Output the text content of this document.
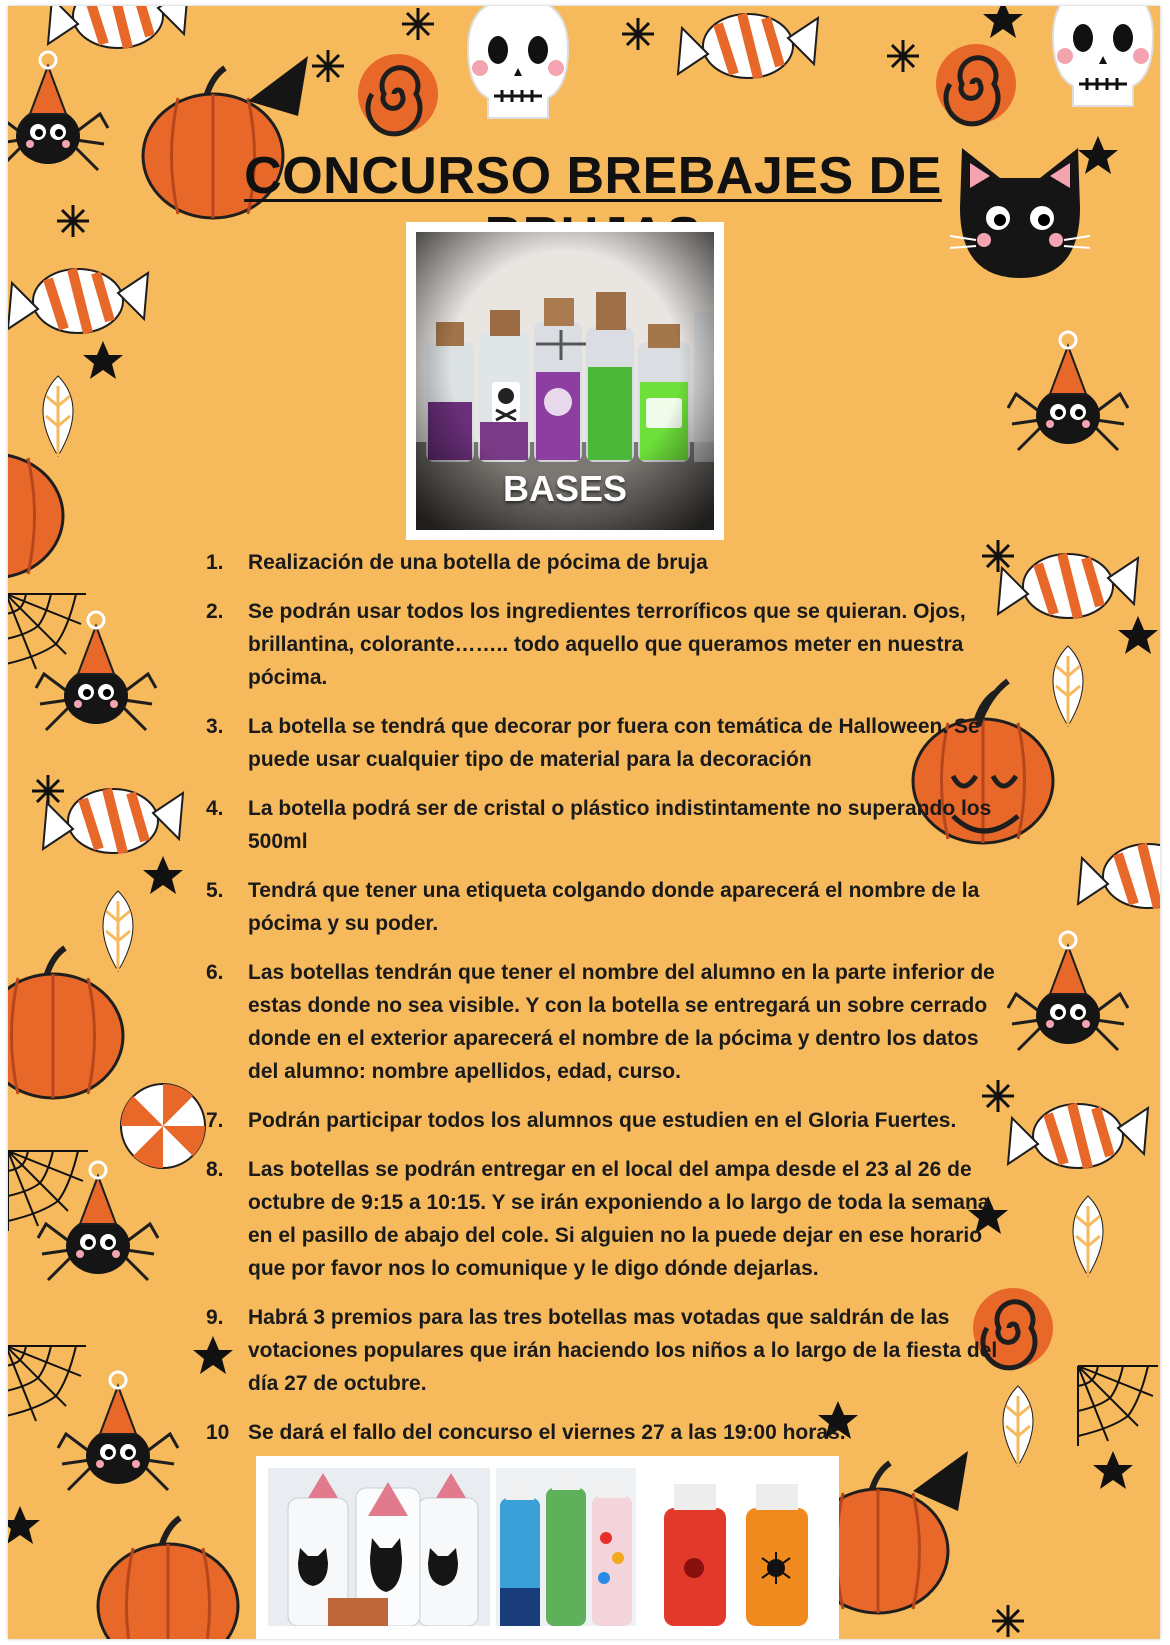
CONCURSO BREBAJES DE
BASES
1. Realización de una botella de pócima de bruja
2. Se podrán usar todos los ingredientes terroríficos que se quieran. Ojos, brillantina, colorante…….. todo aquello que queramos meter en nuestra pócima.
3. La botella se tendrá que decorar por fuera con temática de Halloween. Se puede usar cualquier tipo de material para la decoración
4. La botella podrá ser de cristal o plástico indistintamente no superando los 500ml
5. Tendrá que tener una etiqueta colgando donde aparecerá el nombre de la pócima y su poder.
6. Las botellas tendrán que tener el nombre del alumno en la parte inferior de estas donde no sea visible. Y con la botella se entregará un sobre cerrado donde en el exterior aparecerá el nombre de la pócima y dentro los datos del alumno: nombre apellidos, edad, curso.
7. Podrán participar todos los alumnos que estudien en el Gloria Fuertes.
8. Las botellas se podrán entregar en el local del ampa desde el 23 al 26 de octubre de 9:15 a 10:15. Y se irán exponiendo a lo largo de toda la semana en el pasillo de abajo del cole. Si alguien no la puede dejar en ese horario que por favor nos lo comunique y le digo dónde dejarlas.
9. Habrá 3 premios para las tres botellas mas votadas que saldrán de las votaciones populares que irán haciendo los niños a lo largo de la fiesta del día 27 de octubre.
10 Se dará el fallo del concurso el viernes 27 a las 19:00 horas.
